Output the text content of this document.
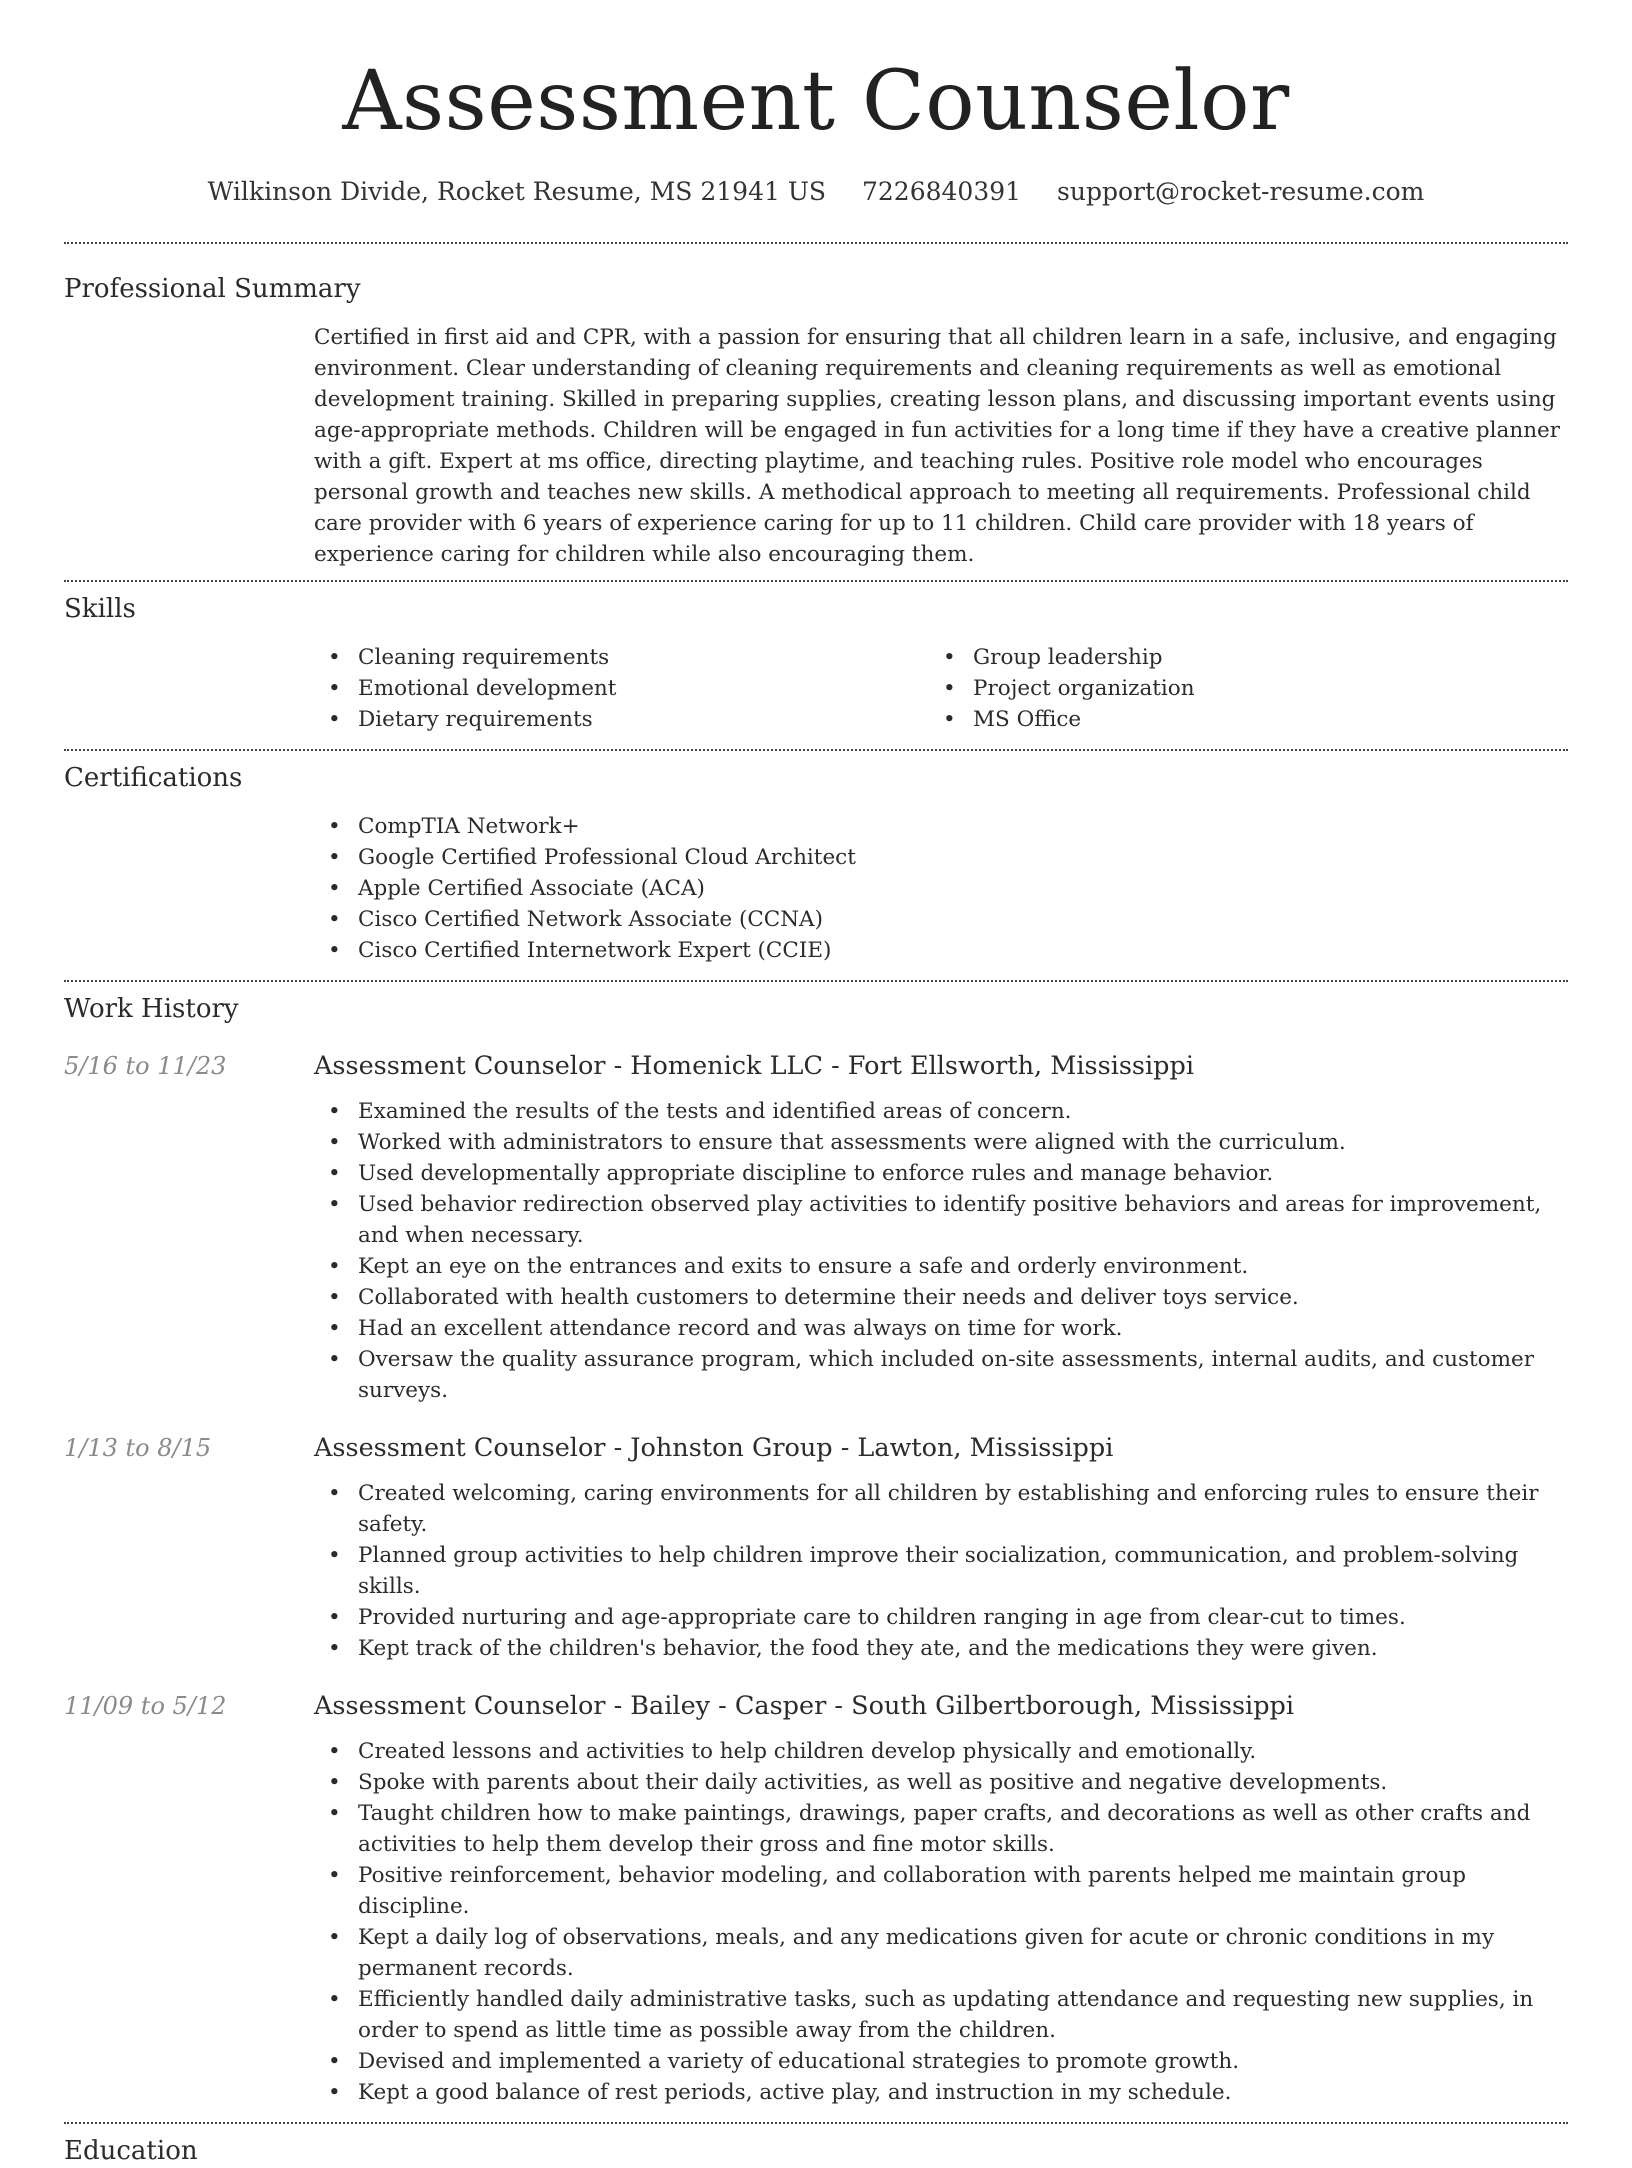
Assessment Counselor
Wilkinson Divide, Rocket Resume, MS 21941 US 7226840391 support@rocket-resume.com
Professional Summary
Certified in first aid and CPR, with a passion for ensuring that all children learn in a safe, inclusive, and engaging environment. Clear understanding of cleaning requirements and cleaning requirements as well as emotional development training. Skilled in preparing supplies, creating lesson plans, and discussing important events using age-appropriate methods. Children will be engaged in fun activities for a long time if they have a creative planner with a gift. Expert at ms office, directing playtime, and teaching rules. Positive role model who encourages personal growth and teaches new skills. A methodical approach to meeting all requirements. Professional child care provider with 6 years of experience caring for up to 11 children. Child care provider with 18 years of experience caring for children while also encouraging them.
Skills
• Cleaning requirements
• Emotional development
• Dietary requirements
• Group leadership
• Project organization
• MS Office
Certifications
• CompTIA Network+
• Google Certified Professional Cloud Architect
• Apple Certified Associate (ACA)
• Cisco Certified Network Associate (CCNA)
• Cisco Certified Internetwork Expert (CCIE)
Work History
5/16 to 11/23	Assessment Counselor - Homenick LLC - Fort Ellsworth, Mississippi
• Examined the results of the tests and identified areas of concern.
• Worked with administrators to ensure that assessments were aligned with the curriculum.
• Used developmentally appropriate discipline to enforce rules and manage behavior.
• Used behavior redirection observed play activities to identify positive behaviors and areas for improvement, and when necessary.
• Kept an eye on the entrances and exits to ensure a safe and orderly environment.
• Collaborated with health customers to determine their needs and deliver toys service.
• Had an excellent attendance record and was always on time for work.
• Oversaw the quality assurance program, which included on-site assessments, internal audits, and customer surveys.
1/13 to 8/15	Assessment Counselor - Johnston Group - Lawton, Mississippi
• Created welcoming, caring environments for all children by establishing and enforcing rules to ensure their safety.
• Planned group activities to help children improve their socialization, communication, and problem-solving skills.
• Provided nurturing and age-appropriate care to children ranging in age from clear-cut to times.
• Kept track of the children's behavior, the food they ate, and the medications they were given.
11/09 to 5/12	Assessment Counselor - Bailey - Casper - South Gilbertborough, Mississippi
• Created lessons and activities to help children develop physically and emotionally.
• Spoke with parents about their daily activities, as well as positive and negative developments.
• Taught children how to make paintings, drawings, paper crafts, and decorations as well as other crafts and activities to help them develop their gross and fine motor skills.
• Positive reinforcement, behavior modeling, and collaboration with parents helped me maintain group discipline.
• Kept a daily log of observations, meals, and any medications given for acute or chronic conditions in my permanent records.
• Efficiently handled daily administrative tasks, such as updating attendance and requesting new supplies, in order to spend as little time as possible away from the children.
• Devised and implemented a variety of educational strategies to promote growth.
• Kept a good balance of rest periods, active play, and instruction in my schedule.
Education
